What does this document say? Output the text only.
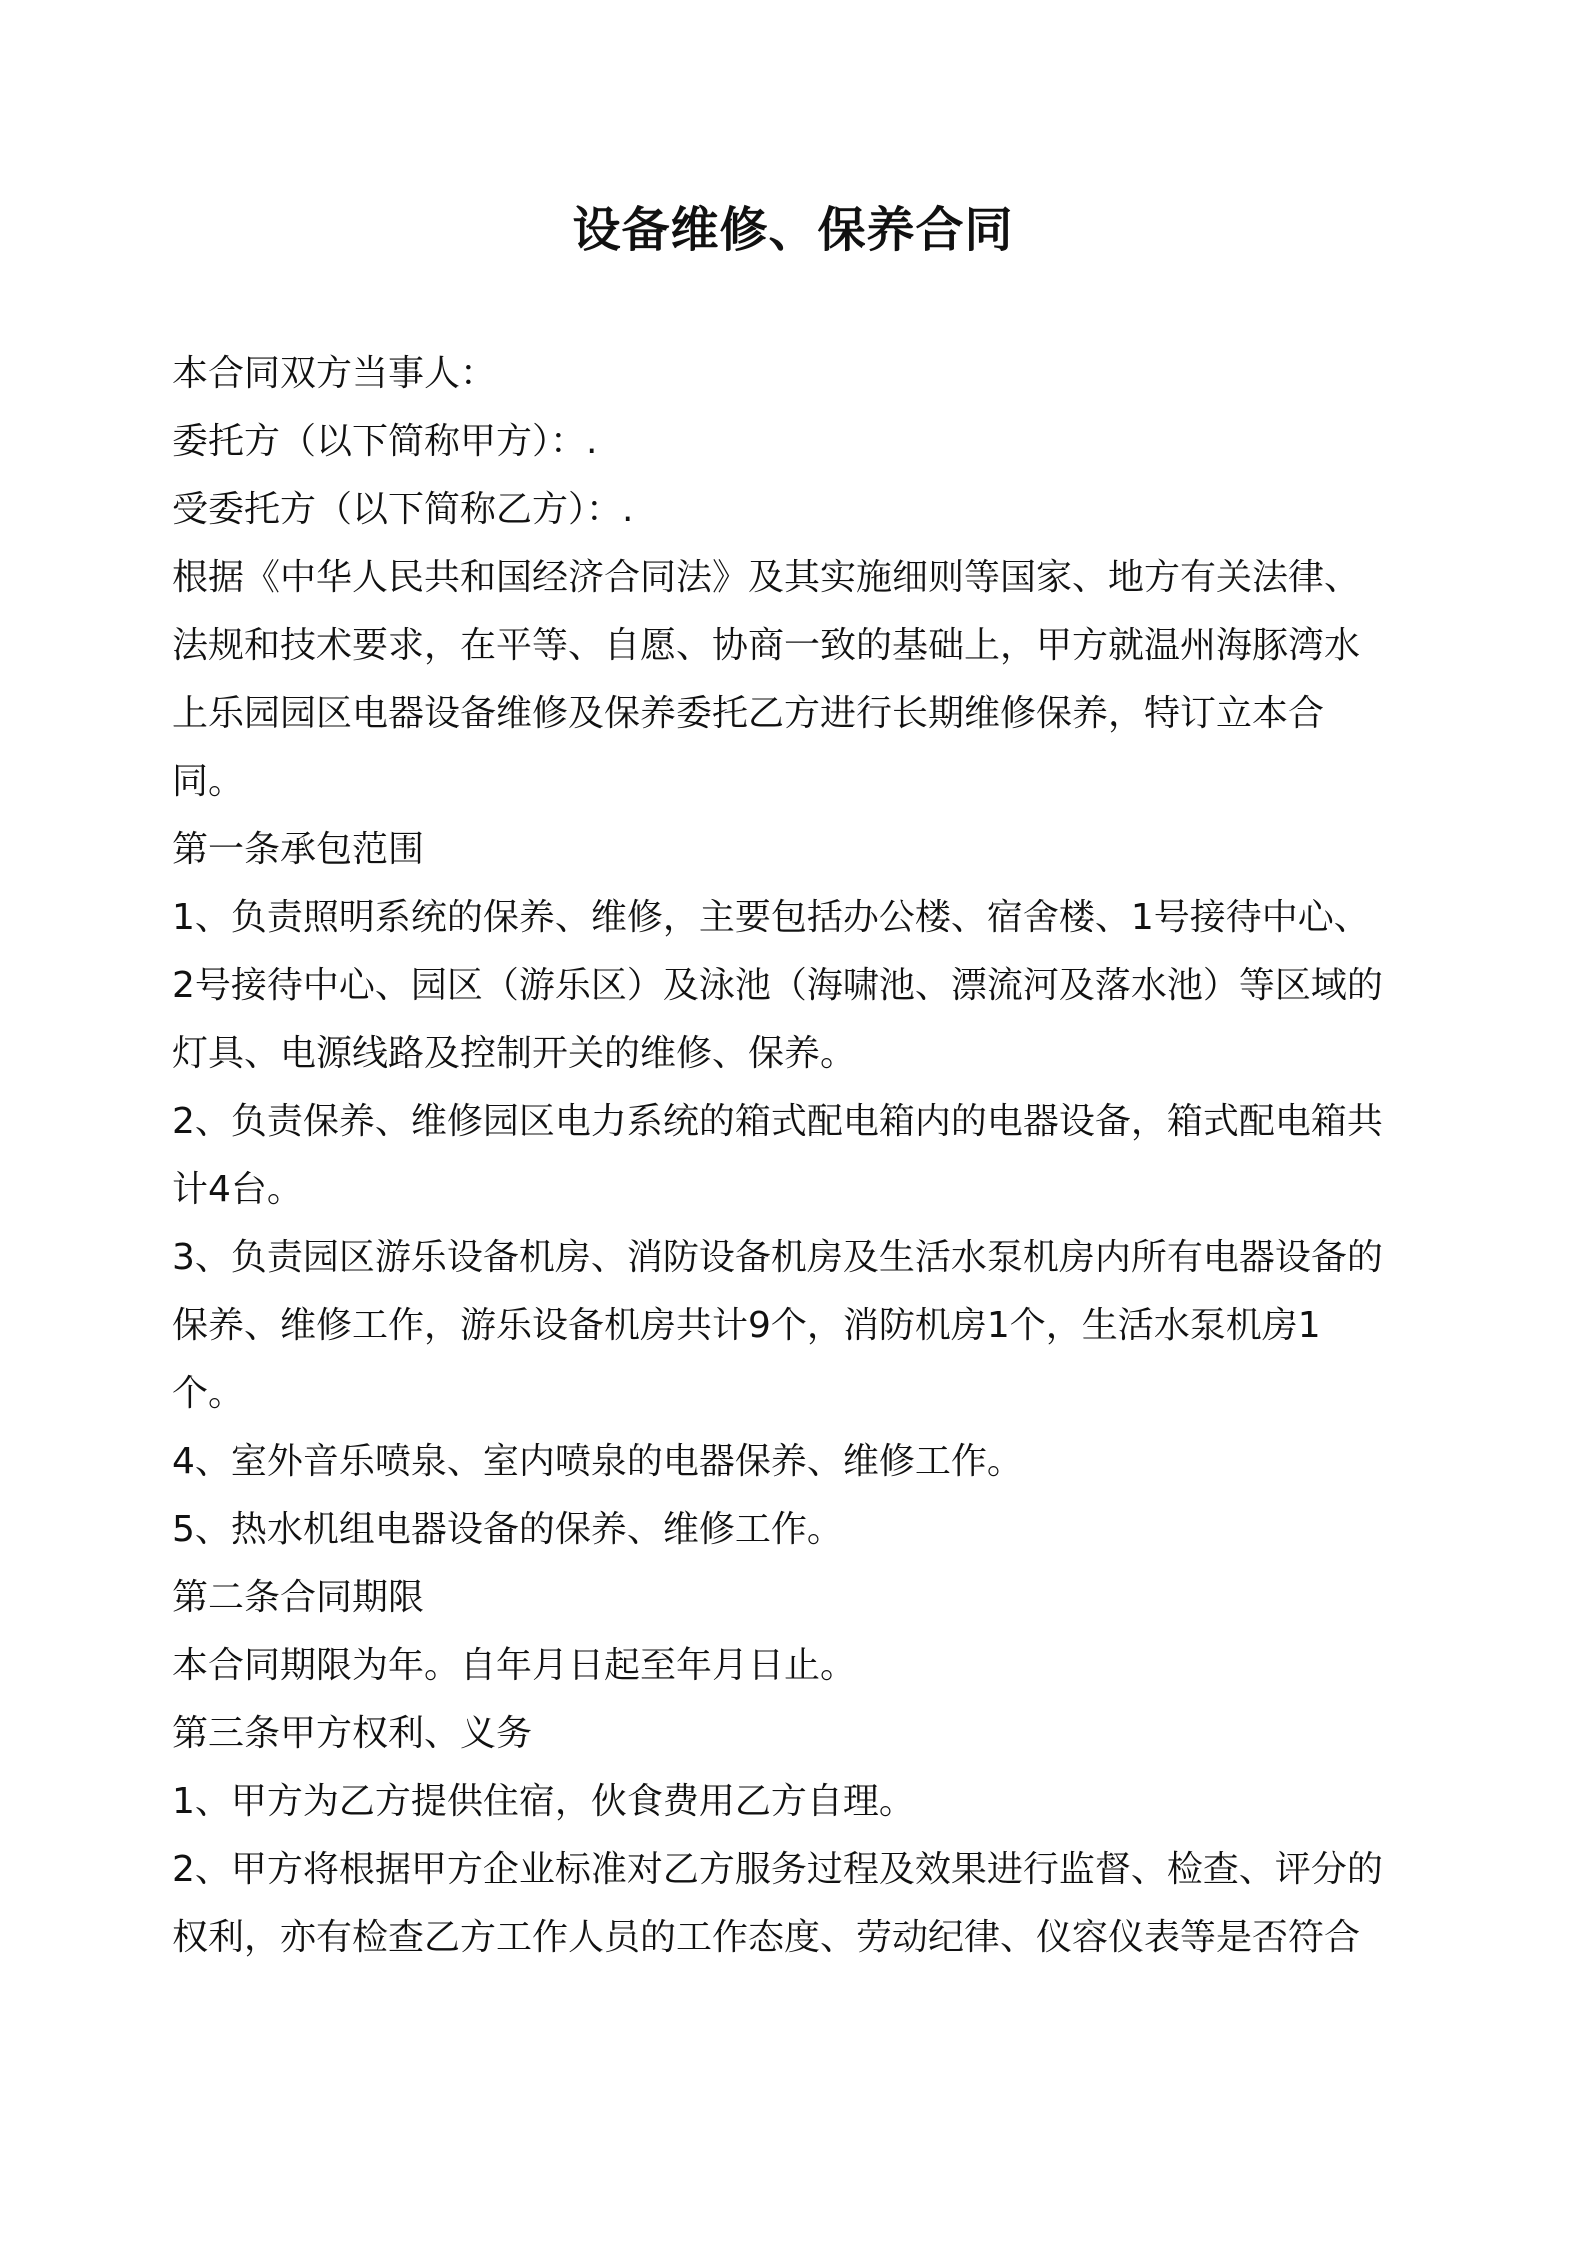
设备维修、保养合同
本合同双方当事人：
委托方（以下简称甲方）：.
受委托方（以下简称乙方）：.
根据《中华人民共和国经济合同法》及其实施细则等国家、地方有关法律、
法规和技术要求，在平等、自愿、协商一致的基础上，甲方就温州海豚湾水
上乐园园区电器设备维修及保养委托乙方进行长期维修保养，特订立本合
同。
第一条承包范围
1、负责照明系统的保养、维修，主要包括办公楼、宿舍楼、1号接待中心、
2号接待中心、园区（游乐区）及泳池（海啸池、漂流河及落水池）等区域的
灯具、电源线路及控制开关的维修、保养。
2、负责保养、维修园区电力系统的箱式配电箱内的电器设备，箱式配电箱共
计4台。
3、负责园区游乐设备机房、消防设备机房及生活水泵机房内所有电器设备的
保养、维修工作，游乐设备机房共计9个，消防机房1个，生活水泵机房1
个。
4、室外音乐喷泉、室内喷泉的电器保养、维修工作。
5、热水机组电器设备的保养、维修工作。
第二条合同期限
本合同期限为年。自年月日起至年月日止。
第三条甲方权利、义务
1、甲方为乙方提供住宿，伙食费用乙方自理。
2、甲方将根据甲方企业标准对乙方服务过程及效果进行监督、检查、评分的
权利，亦有检查乙方工作人员的工作态度、劳动纪律、仪容仪表等是否符合
